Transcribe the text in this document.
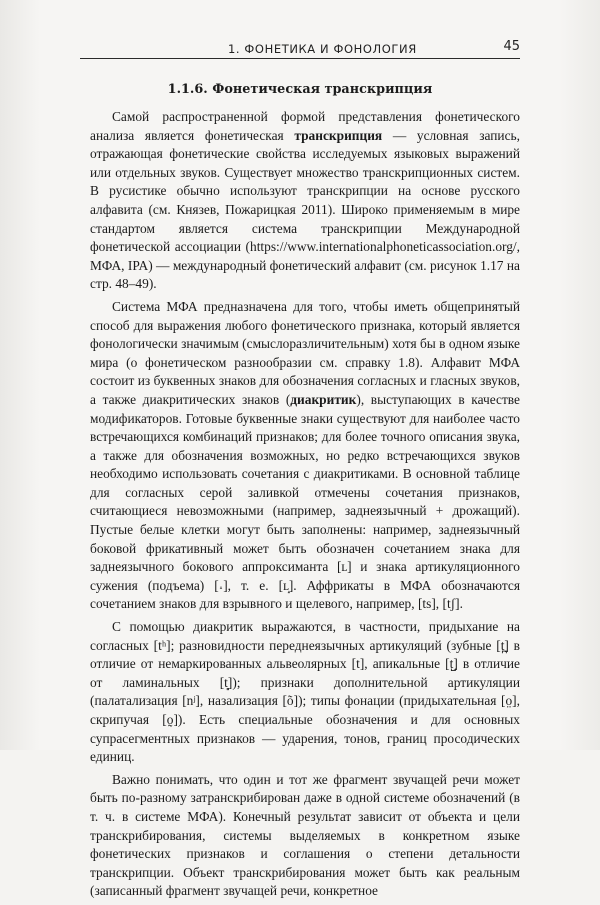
1. ФОНЕТИКА И ФОНОЛОГИЯ	45
1.1.6. Фонетическая транскрипция

Самой распространенной формой представления фонетического анализа является фонетическая транскрипция — условная запись, отражающая фонетические свойства исследуемых языковых выражений или отдельных звуков. Существует множество транскрипционных систем. В русистике обычно используют транскрипции на основе русского алфавита (см. Князев, Пожарицкая 2011). Широко применяемым в мире стандартом является система транскрипции Международной фонетической ассоциации (https://www.internationalphoneticassociation.org/, МФА, IPA) — международный фонетический алфавит (см. рисунок 1.17 на стр. 48–49).

Система МФА предназначена для того, чтобы иметь общепринятый способ для выражения любого фонетического признака, который является фонологически значимым (смыслоразличительным) хотя бы в одном языке мира (о фонетическом разнообразии см. справку 1.8). Алфавит МФА состоит из буквенных знаков для обозначения согласных и гласных звуков, а также диакритических знаков (диакритик), выступающих в качестве модификаторов. Готовые буквенные знаки существуют для наиболее часто встречающихся комбинаций признаков; для более точного описания звука, а также для обозначения возможных, но редко встречающихся звуков необходимо использовать сочетания с диакритиками. В основной таблице для согласных серой заливкой отмечены сочетания признаков, считающиеся невозможными (например, заднеязычный + дрожащий). Пустые белые клетки могут быть заполнены: например, заднеязычный боковой фрикативный может быть обозначен сочетанием знака для заднеязычного бокового аппроксиманта [ʟ] и знака артикуляционного сужения (подъема) [˔], т. е. [ʟ̝]. Аффрикаты в МФА обозначаются сочетанием знаков для взрывного и щелевого, например, [ts], [tʃ].

С помощью диакритик выражаются, в частности, придыхание на согласных [tʰ]; разновидности переднеязычных артикуляций (зубные [t̪] в отличие от немаркированных альвеолярных [t], апикальные [t̺] в отличие от ламинальных [t̻]); признаки дополнительной артикуляции (палатализация [nʲ], назализация [õ]); типы фонации (придыхательная [o̤], скрипучая [o̰]). Есть специальные обозначения и для основных супрасегментных признаков — ударения, тонов, границ просодических единиц.

Важно понимать, что один и тот же фрагмент звучащей речи может быть по-разному затранскрибирован даже в одной системе обозначений (в т. ч. в системе МФА). Конечный результат зависит от объекта и цели транскрибирования, системы выделяемых в конкретном языке фонетических признаков и соглашения о степени детальности транскрипции. Объект транскрибирования может быть как реальным (записанный фрагмент звучащей речи, конкретное
